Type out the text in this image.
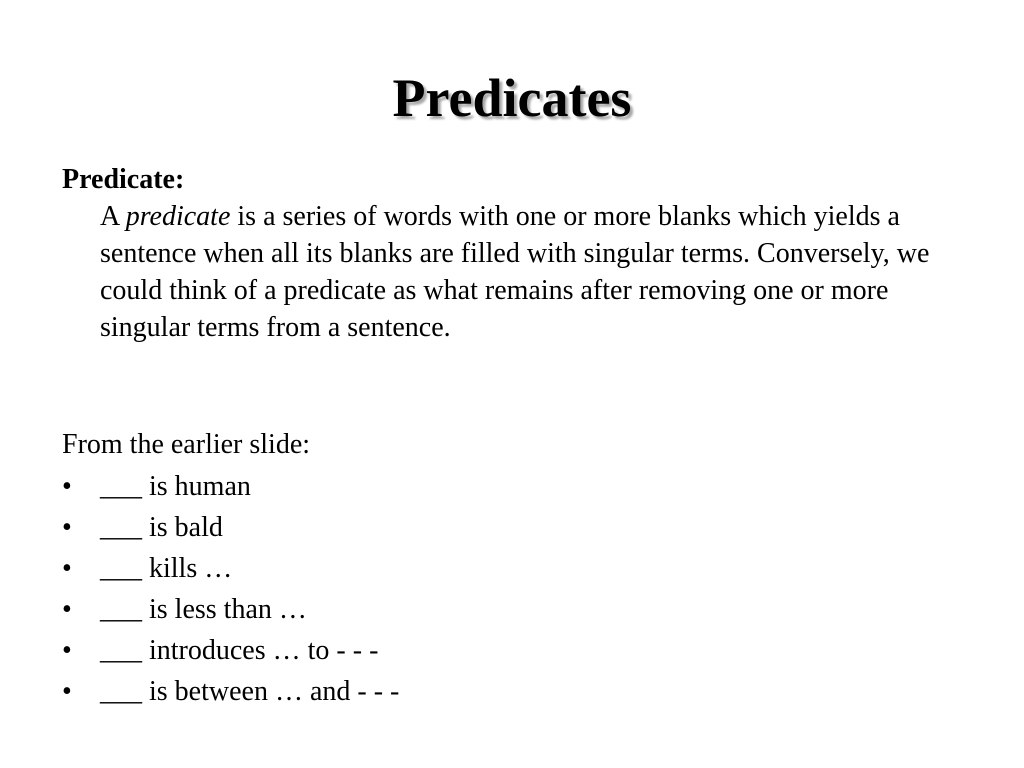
Predicates

Predicate:

A predicate is a series of words with one or more blanks which yields a sentence when all its blanks are filled with singular terms. Conversely, we could think of a predicate as what remains after removing one or more singular terms from a sentence.

From the earlier slide:

• ___ is human
• ___ is bald
• ___ kills …
• ___ is less than …
• ___ introduces … to - - -
• ___ is between … and - - -
